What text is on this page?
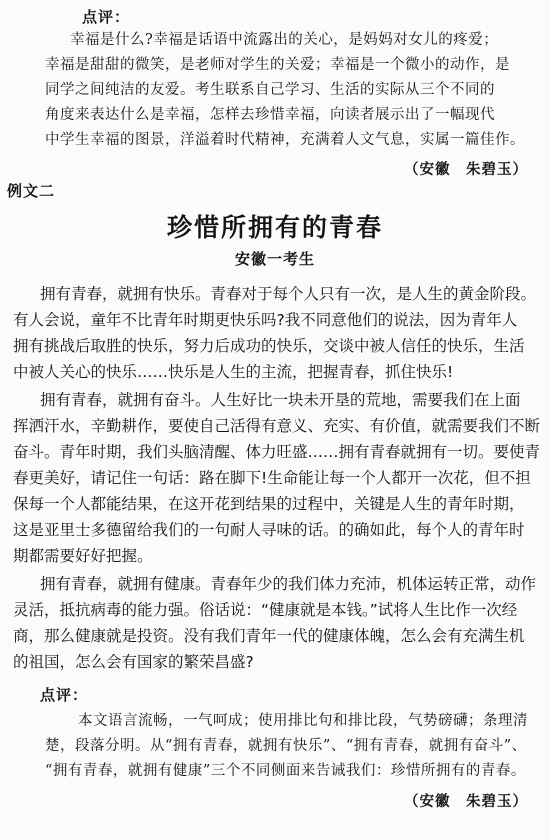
点评：
幸福是什么?幸福是话语中流露出的关心，是妈妈对女儿的疼爱；
幸福是甜甜的微笑，是老师对学生的关爱；幸福是一个微小的动作，是
同学之间纯洁的友爱。考生联系自己学习、生活的实际从三个不同的
角度来表达什么是幸福，怎样去珍惜幸福，向读者展示出了一幅现代
中学生幸福的图景，洋溢着时代精神，充满着人文气息，实属一篇佳作。
（安徽　朱碧玉）
例文二
珍惜所拥有的青春
安徽一考生
拥有青春，就拥有快乐。青春对于每个人只有一次，是人生的黄金阶段。
有人会说，童年不比青年时期更快乐吗?我不同意他们的说法，因为青年人
拥有挑战后取胜的快乐，努力后成功的快乐，交谈中被人信任的快乐，生活
中被人关心的快乐……快乐是人生的主流，把握青春，抓住快乐!
拥有青春，就拥有奋斗。人生好比一块未开垦的荒地，需要我们在上面
挥洒汗水，辛勤耕作，要使自己活得有意义、充实、有价值，就需要我们不断
奋斗。青年时期，我们头脑清醒、体力旺盛……拥有青春就拥有一切。要使青
春更美好，请记住一句话：路在脚下!生命能让每一个人都开一次花，但不担
保每一个人都能结果，在这开花到结果的过程中，关键是人生的青年时期，
这是亚里士多德留给我们的一句耐人寻味的话。的确如此，每个人的青年时
期都需要好好把握。
拥有青春，就拥有健康。青春年少的我们体力充沛，机体运转正常，动作
灵活，抵抗病毒的能力强。俗话说：“健康就是本钱。”试将人生比作一次经
商，那么健康就是投资。没有我们青年一代的健康体魄，怎么会有充满生机
的祖国，怎么会有国家的繁荣昌盛?
点评：
本文语言流畅，一气呵成；使用排比句和排比段，气势磅礴；条理清
楚，段落分明。从“拥有青春，就拥有快乐”、“拥有青春，就拥有奋斗”、
“拥有青春，就拥有健康”三个不同侧面来告诫我们：珍惜所拥有的青春。
（安徽　朱碧玉）
